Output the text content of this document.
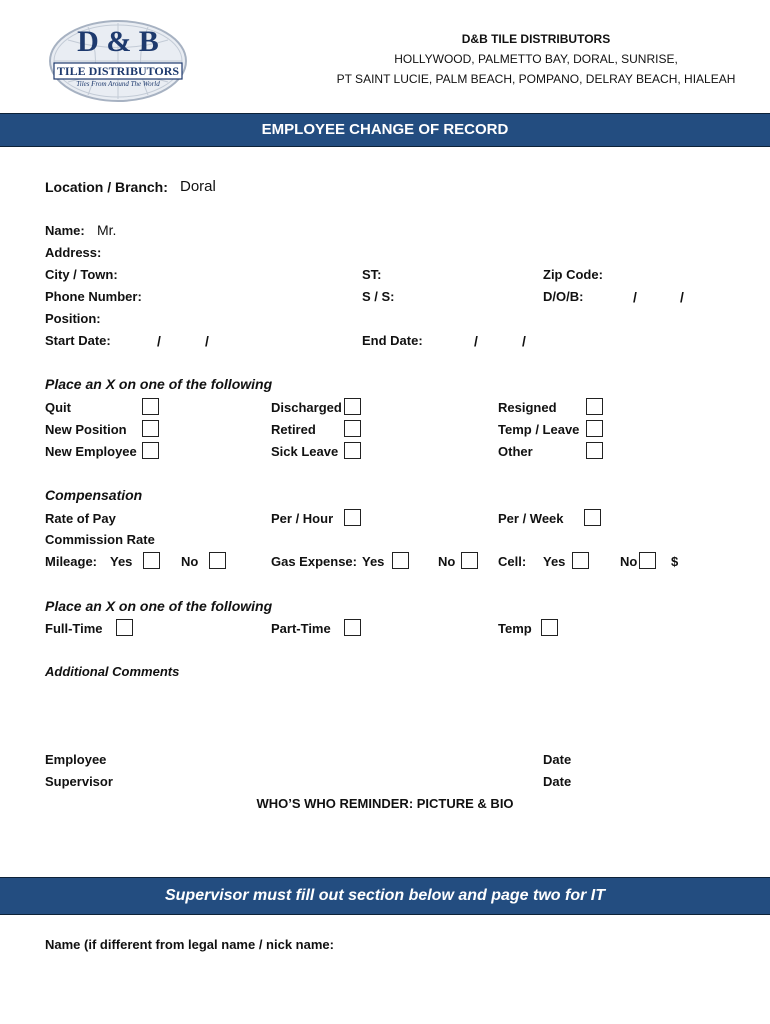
D & B
TILE DISTRIBUTORS
Tiles From Around The World
D&B TILE DISTRIBUTORS
HOLLYWOOD, PALMETTO BAY, DORAL, SUNRISE,
PT SAINT LUCIE, PALM BEACH, POMPANO, DELRAY BEACH, HIALEAH
EMPLOYEE CHANGE OF RECORD
Location / Branch: Doral
Name: Mr.
Address:
City / Town:	ST:	Zip Code:
Phone Number:	S / S:	D/O/B:	/	/
Position:
Start Date:	/	/	End Date:	/	/
Place an X on one of the following
Quit	Discharged	Resigned
New Position	Retired	Temp / Leave
New Employee	Sick Leave	Other
Compensation
Rate of Pay	Per / Hour	Per / Week
Commission Rate
Mileage: Yes	No	Gas Expense: Yes	No	Cell: Yes	No	$
Place an X on one of the following
Full-Time	Part-Time	Temp
Additional Comments
Employee	Date
Supervisor	Date
WHO’S WHO REMINDER: PICTURE & BIO
Supervisor must fill out section below and page two for IT
Name (if different from legal name / nick name:
